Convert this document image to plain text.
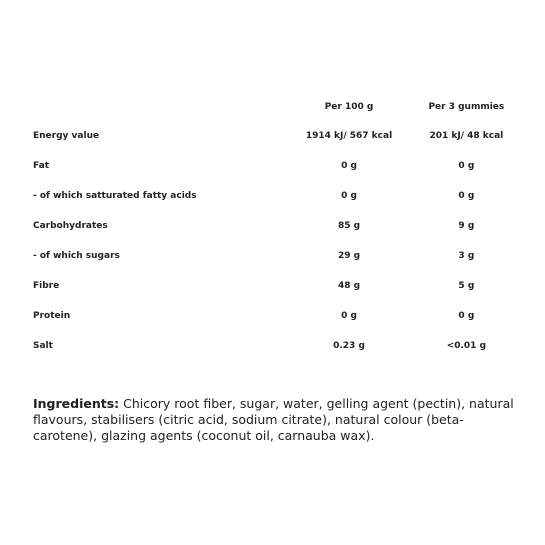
	Per 100 g	Per 3 gummies
Energy value	1914 kJ/ 567 kcal	201 kJ/ 48 kcal
Fat	0 g	0 g
- of which satturated fatty acids	0 g	0 g
Carbohydrates	85 g	9 g
- of which sugars	29 g	3 g
Fibre	48 g	5 g
Protein	0 g	0 g
Salt	0.23 g	<0.01 g

Ingredients: Chicory root fiber, sugar, water, gelling agent (pectin), natural flavours, stabilisers (citric acid, sodium citrate), natural colour (beta-carotene), glazing agents (coconut oil, carnauba wax).
